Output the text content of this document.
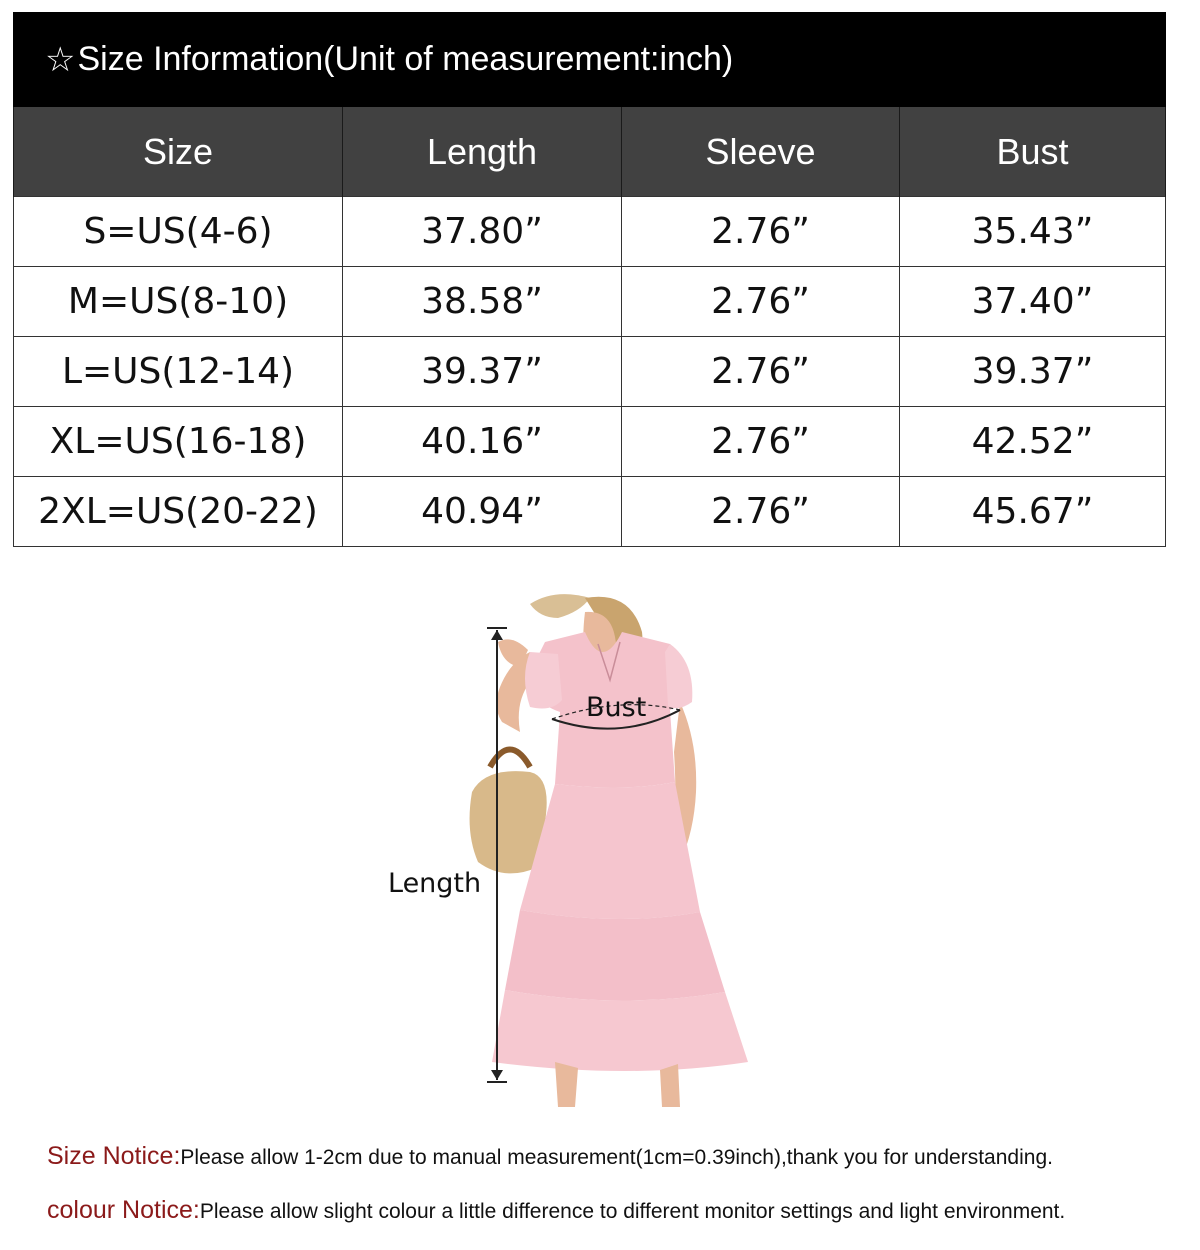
☆ Size Information(Unit of measurement:inch)
Size	Length	Sleeve	Bust
S=US(4-6)	37.80”	2.76”	35.43”
M=US(8-10)	38.58”	2.76”	37.40”
L=US(12-14)	39.37”	2.76”	39.37”
XL=US(16-18)	40.16”	2.76”	42.52”
2XL=US(20-22)	40.94”	2.76”	45.67”
Bust
Length
Size Notice:Please allow 1-2cm due to manual measurement(1cm=0.39inch),thank you for understanding.
colour Notice:Please allow slight colour a little difference to different monitor settings and light environment.
